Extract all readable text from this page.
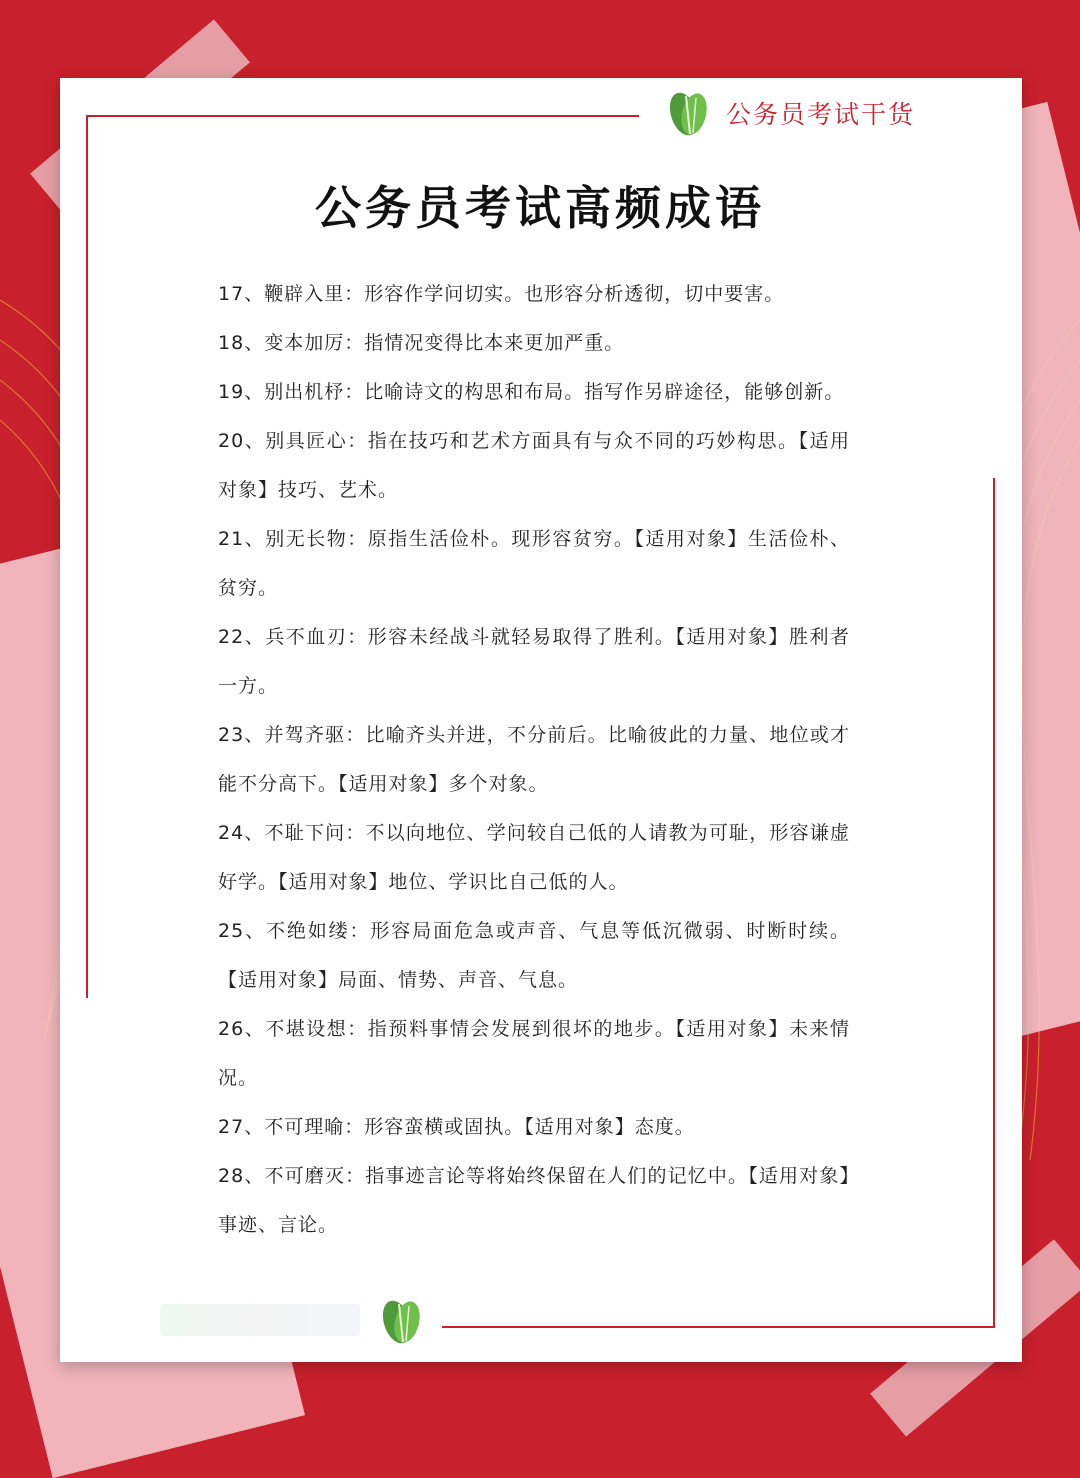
公务员考试干货
公务员考试高频成语
17、鞭辟入里：形容作学问切实。也形容分析透彻，切中要害。
18、变本加厉：指情况变得比本来更加严重。
19、别出机杼：比喻诗文的构思和布局。指写作另辟途径，能够创新。
20、别具匠心：指在技巧和艺术方面具有与众不同的巧妙构思。【适用对象】技巧、艺术。
21、别无长物：原指生活俭朴。现形容贫穷。【适用对象】生活俭朴、贫穷。
22、兵不血刃：形容未经战斗就轻易取得了胜利。【适用对象】胜利者一方。
23、并驾齐驱：比喻齐头并进，不分前后。比喻彼此的力量、地位或才能不分高下。【适用对象】多个对象。
24、不耻下问：不以向地位、学问较自己低的人请教为可耻，形容谦虚好学。【适用对象】地位、学识比自己低的人。
25、不绝如缕：形容局面危急或声音、气息等低沉微弱、时断时续。【适用对象】局面、情势、声音、气息。
26、不堪设想：指预料事情会发展到很坏的地步。【适用对象】未来情况。
27、不可理喻：形容蛮横或固执。【适用对象】态度。
28、不可磨灭：指事迹言论等将始终保留在人们的记忆中。【适用对象】事迹、言论。
